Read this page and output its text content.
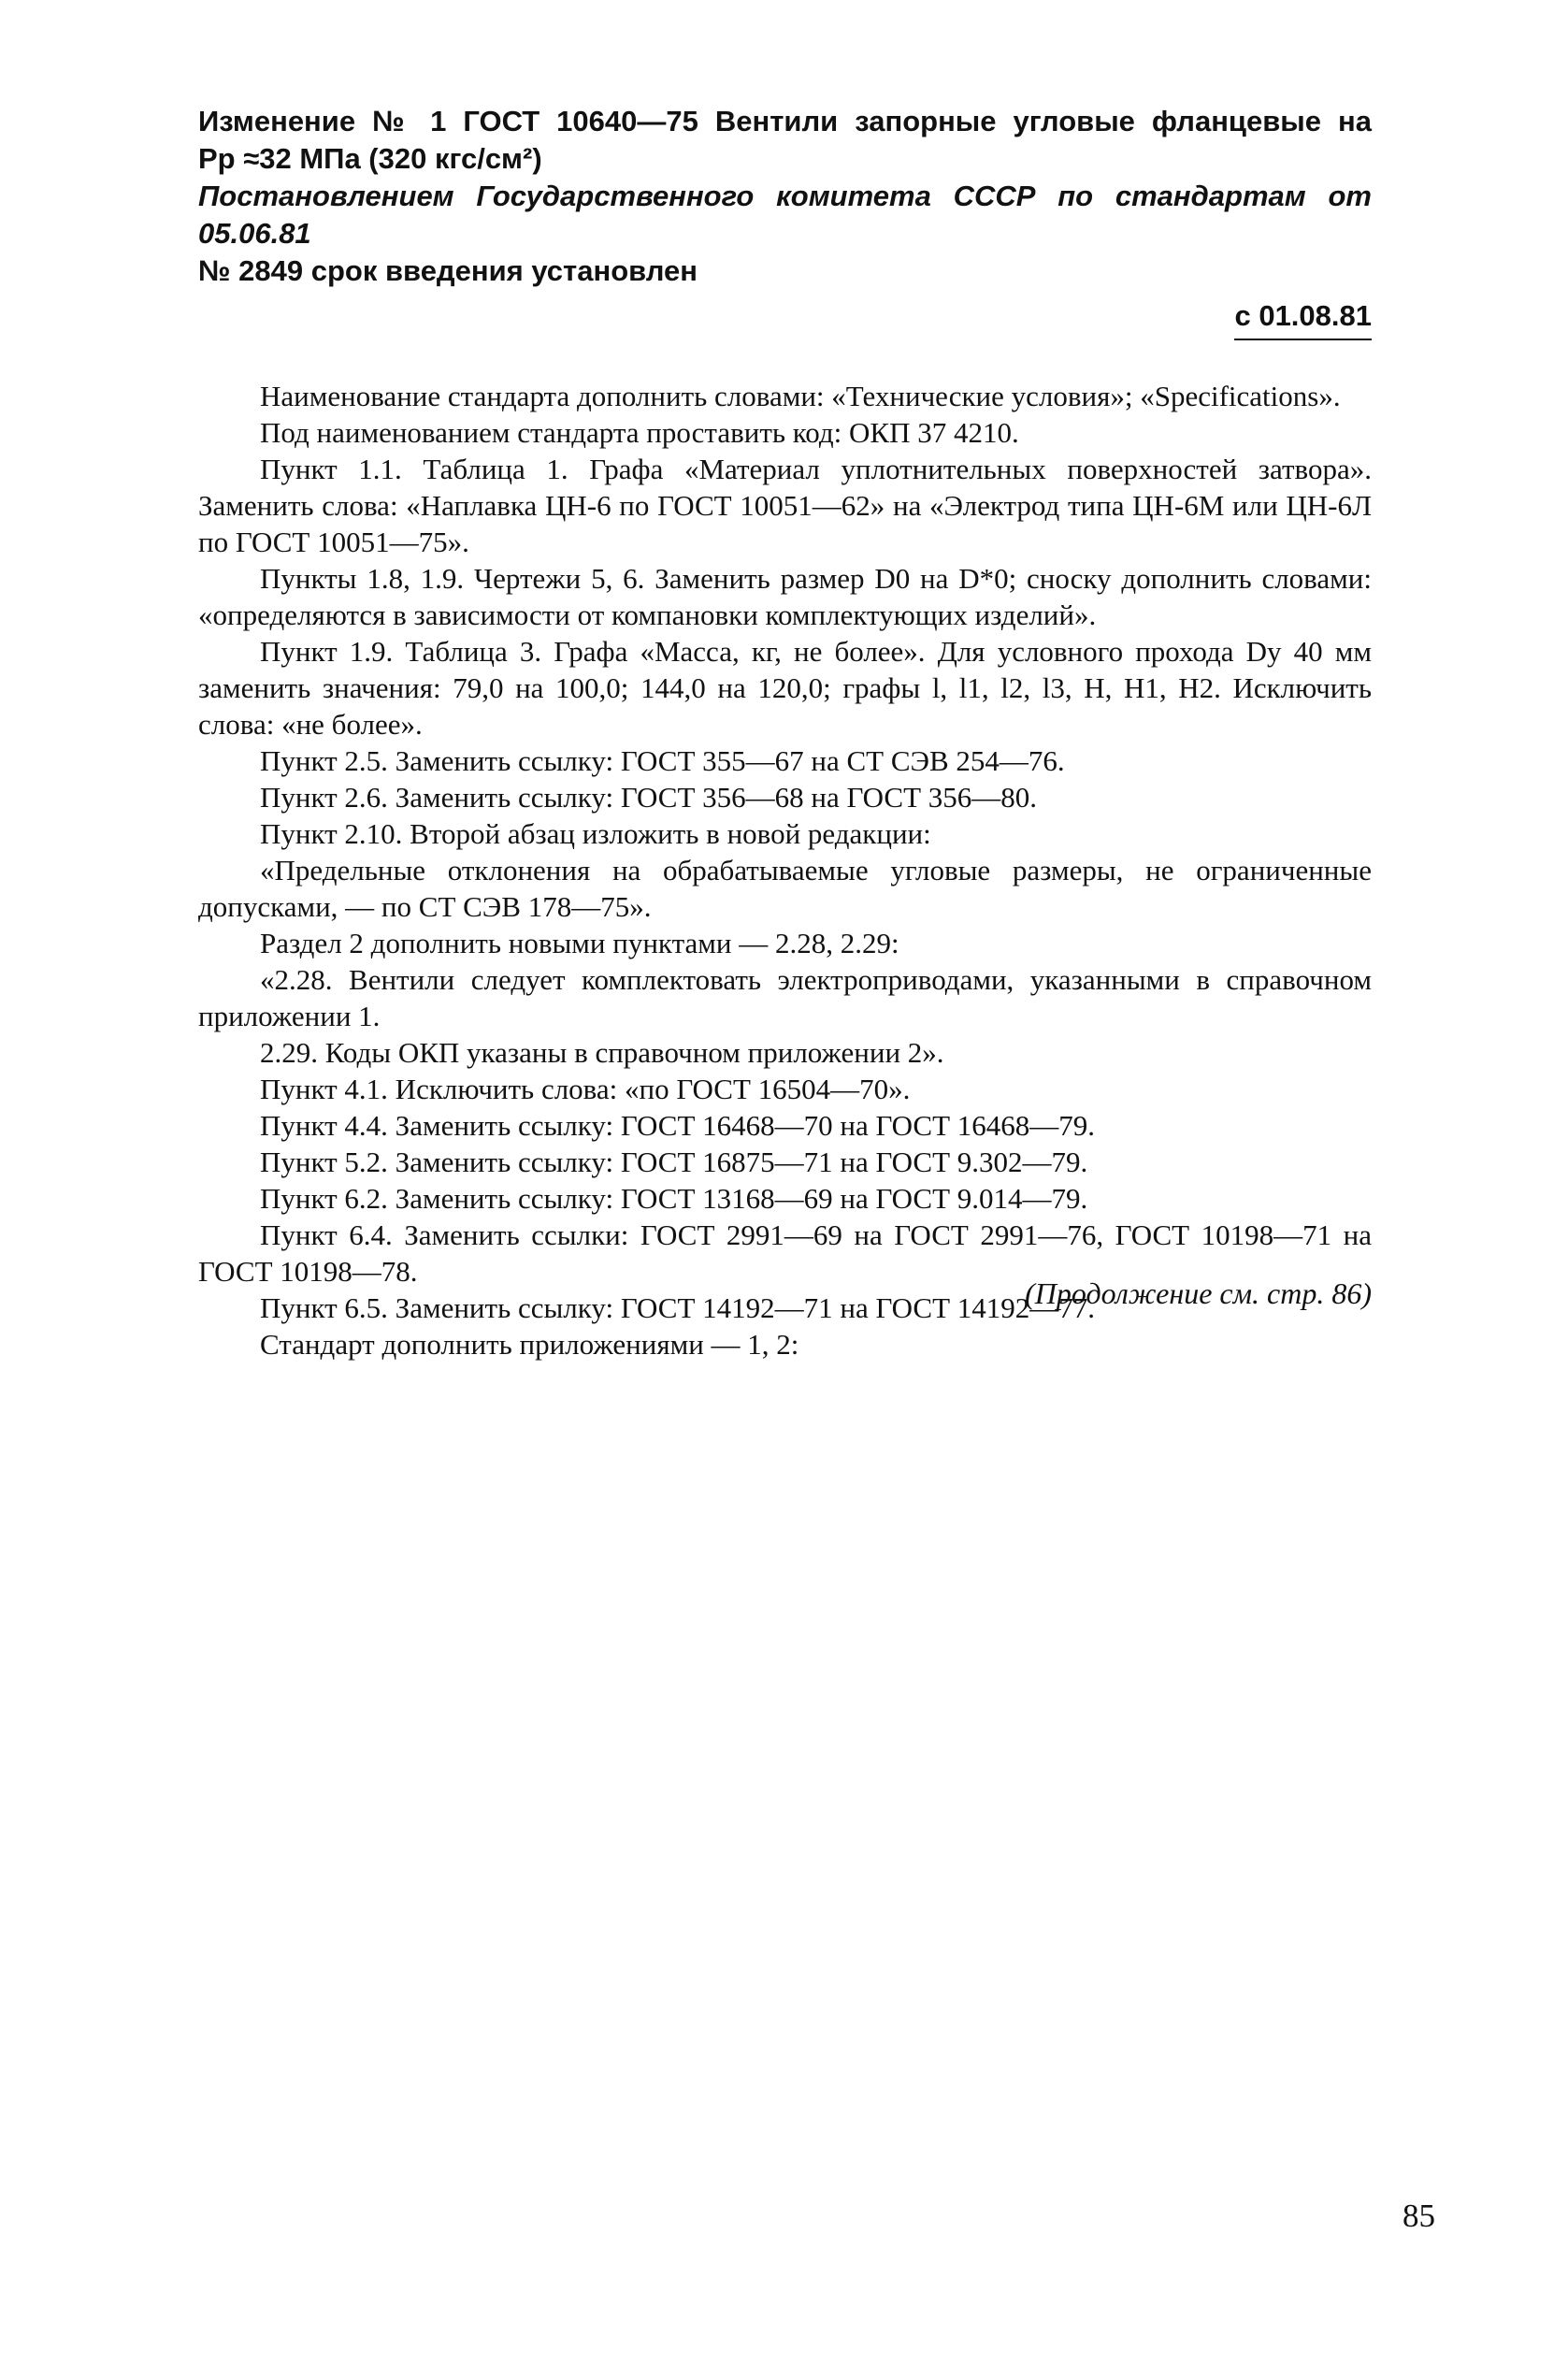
Изменение № 1 ГОСТ 10640—75 Вентили запорные угловые фланцевые на

Pр ≈32 МПа (320 кгс/см²)

Постановлением Государственного комитета СССР по стандартам от 05.06.81

№ 2849 срок введения установлен

с 01.08.81

Наименование стандарта дополнить словами: «Технические условия»; «Specifications».

Под наименованием стандарта проставить код: ОКП 37 4210.

Пункт 1.1. Таблица 1. Графа «Материал уплотнительных поверхностей затвора». Заменить слова: «Наплавка ЦН-6 по ГОСТ 10051—62» на «Электрод типа ЦН-6М или ЦН-6Л по ГОСТ 10051—75».

Пункты 1.8, 1.9. Чертежи 5, 6. Заменить размер D0 на D*0; сноску дополнить словами: «определяются в зависимости от компановки комплектующих изделий».

Пункт 1.9. Таблица 3. Графа «Масса, кг, не более». Для условного прохода Dу 40 мм заменить значения: 79,0 на 100,0; 144,0 на 120,0; графы l, l1, l2, l3, H, H1, H2. Исключить слова: «не более».

Пункт 2.5. Заменить ссылку: ГОСТ 355—67 на СТ СЭВ 254—76.

Пункт 2.6. Заменить ссылку: ГОСТ 356—68 на ГОСТ 356—80.

Пункт 2.10. Второй абзац изложить в новой редакции:

«Предельные отклонения на обрабатываемые угловые размеры, не ограниченные допусками, — по СТ СЭВ 178—75».

Раздел 2 дополнить новыми пунктами — 2.28, 2.29:

«2.28. Вентили следует комплектовать электроприводами, указанными в справочном приложении 1.

2.29. Коды ОКП указаны в справочном приложении 2».

Пункт 4.1. Исключить слова: «по ГОСТ 16504—70».

Пункт 4.4. Заменить ссылку: ГОСТ 16468—70 на ГОСТ 16468—79.

Пункт 5.2. Заменить ссылку: ГОСТ 16875—71 на ГОСТ 9.302—79.

Пункт 6.2. Заменить ссылку: ГОСТ 13168—69 на ГОСТ 9.014—79.

Пункт 6.4. Заменить ссылки: ГОСТ 2991—69 на ГОСТ 2991—76, ГОСТ 10198—71 на ГОСТ 10198—78.

Пункт 6.5. Заменить ссылку: ГОСТ 14192—71 на ГОСТ 14192—77.

Стандарт дополнить приложениями — 1, 2:

(Продолжение см. стр. 86)
85
